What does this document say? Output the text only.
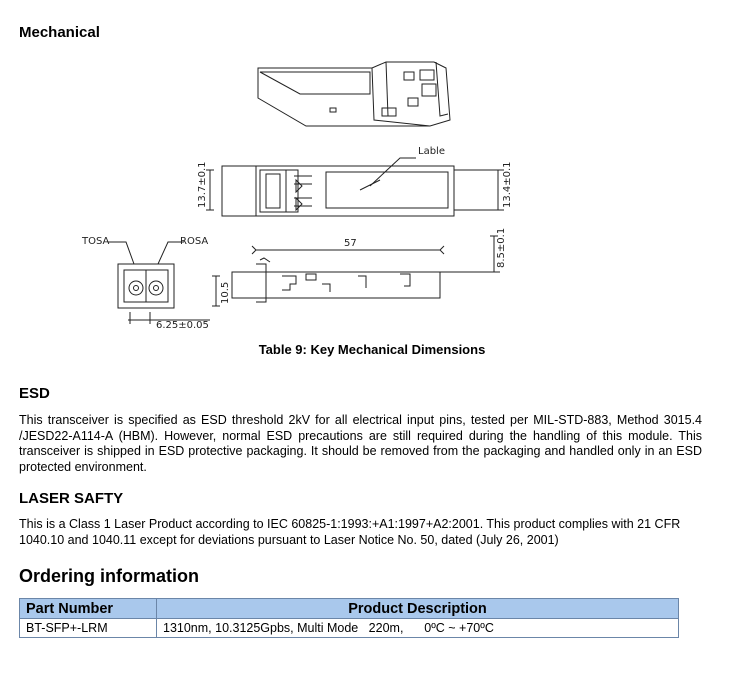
Mechanical
Lable
TOSA	ROSA	57
6.25±0.05
13.7±0.1	13.4±0.1
8.5±0.1
10.5
Table 9: Key Mechanical Dimensions
ESD
This transceiver is specified as ESD threshold 2kV for all electrical input pins, tested per MIL-STD-883, Method 3015.4 /JESD22-A114-A (HBM). However, normal ESD precautions are still required during the handling of this module. This transceiver is shipped in ESD protective packaging. It should be removed from the packaging and handled only in an ESD protected environment.
LASER SAFTY
This is a Class 1 Laser Product according to IEC 60825-1:1993:+A1:1997+A2:2001. This product complies with 21 CFR 1040.10 and 1040.11 except for deviations pursuant to Laser Notice No. 50, dated (July 26, 2001)
Ordering information
Part Number	Product Description
BT-SFP+-LRM	1310nm, 10.3125Gpbs, Multi Mode   220m,      0ºC ~ +70ºC
